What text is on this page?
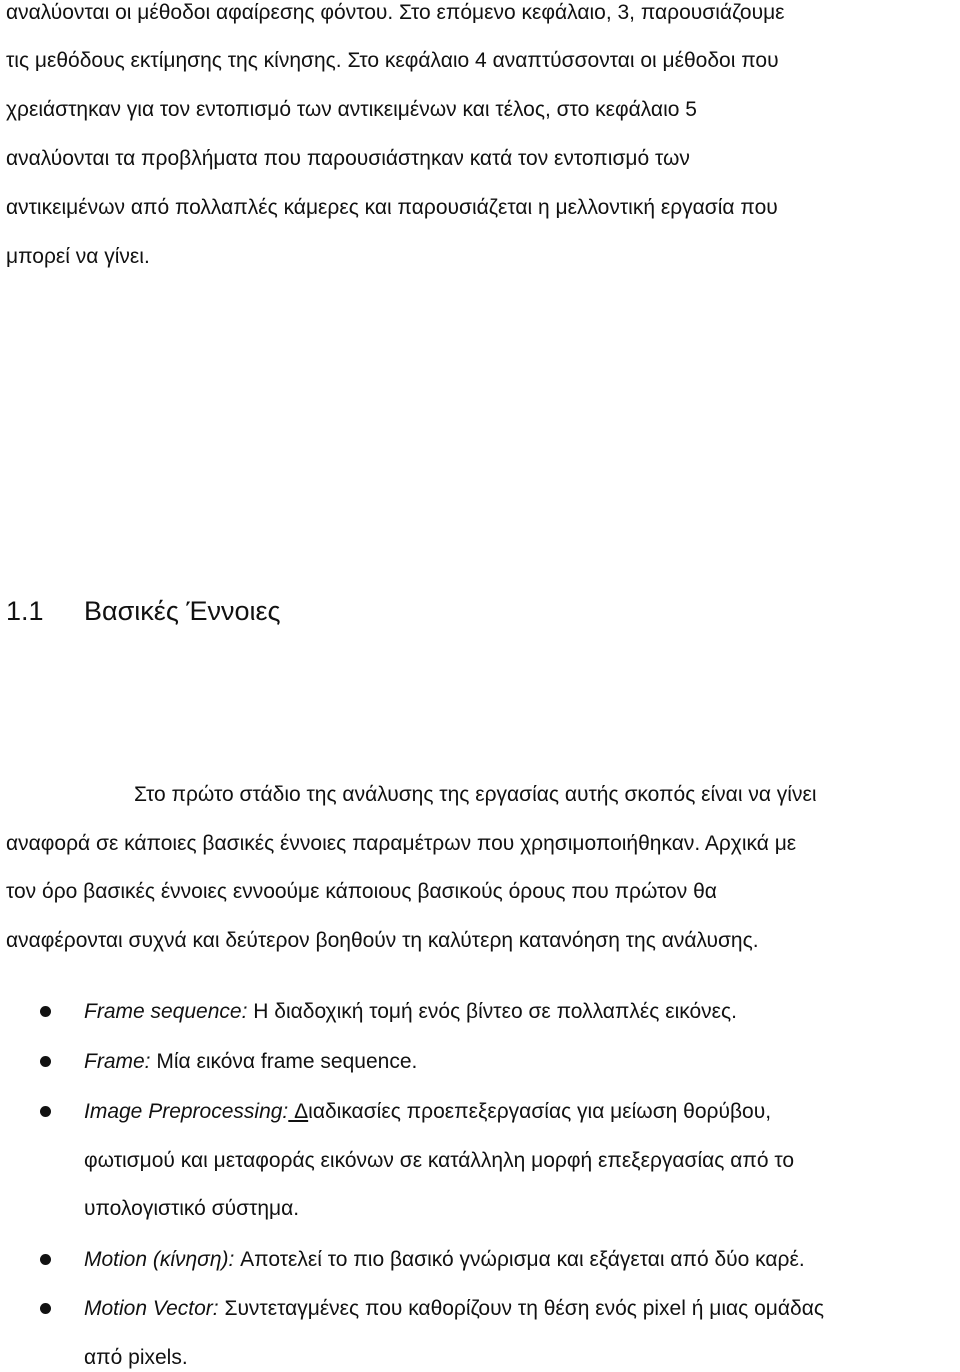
αναλύονται οι μέθοδοι αφαίρεσης φόντου. Στο επόμενο κεφάλαιο, 3, παρουσιάζουμε
τις μεθόδους εκτίμησης της κίνησης. Στο κεφάλαιο 4 αναπτύσσονται οι μέθοδοι που
χρειάστηκαν για τον εντοπισμό των αντικειμένων και τέλος, στο κεφάλαιο 5
αναλύονται τα προβλήματα που παρουσιάστηκαν κατά τον εντοπισμό των
αντικειμένων από πολλαπλές κάμερες και παρουσιάζεται η μελλοντική εργασία που
μπορεί να γίνει.
1.1 Βασικές Έννοιες
Στο πρώτο στάδιο της ανάλυσης της εργασίας αυτής σκοπός είναι να γίνει
αναφορά σε κάποιες βασικές έννοιες παραμέτρων που χρησιμοποιήθηκαν. Αρχικά με
τον όρο βασικές έννοιες εννοούμε κάποιους βασικούς όρους που πρώτον θα
αναφέρονται συχνά και δεύτερον βοηθούν τη καλύτερη κατανόηση της ανάλυσης.
Frame sequence: Η διαδοχική τομή ενός βίντεο σε πολλαπλές εικόνες.
Frame: Μία εικόνα frame sequence.
Image Preprocessing: Διαδικασίες προεπεξεργασίας για μείωση θορύβου,
φωτισμού και μεταφοράς εικόνων σε κατάλληλη μορφή επεξεργασίας από το
υπολογιστικό σύστημα.
Motion (κίνηση): Αποτελεί το πιο βασικό γνώρισμα και εξάγεται από δύο καρέ.
Motion Vector: Συντεταγμένες που καθορίζουν τη θέση ενός pixel ή μιας ομάδας
από pixels.
